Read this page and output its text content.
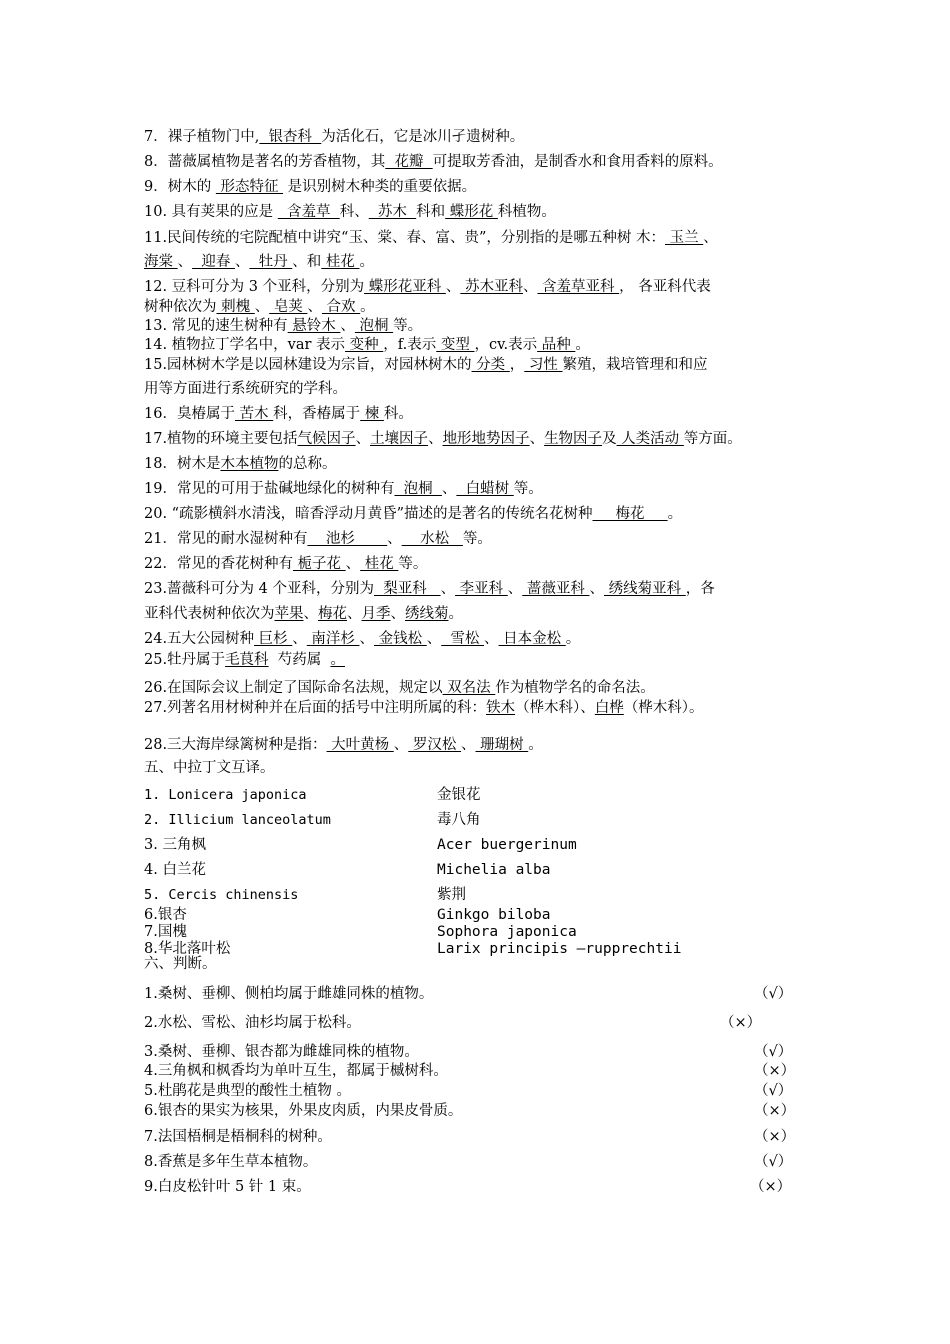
7．裸子植物门中,  银杏科  为活化石，它是冰川孑遗树种。
8．蔷薇属植物是著名的芳香植物，其  花瓣  可提取芳香油，是制香水和食用香料的原料。
9．树木的  形态特征  是识别树木种类的重要依据。
10. 具有荚果的应是   含羞草  科、  苏木  科和 蝶形花 科植物。
11.民间传统的宅院配植中讲究“玉、棠、春、富、贵”，分别指的是哪五种树 木： 玉兰 、
海棠 、  迎春 、  牡丹 、和 桂花 。
12. 豆科可分为 3 个亚科，分别为 蝶形花亚科 、 苏木亚科、 含羞草亚科 ， 各亚科代表
树种依次为 刺槐 、 皂荚 、 合欢 。
13. 常见的速生树种有 悬铃木 、 泡桐 等。
14. 植物拉丁学名中，var 表示 变种 ，f.表示 变型 ，cv.表示 品种 。
15.园林树木学是以园林建设为宗旨，对园林树木的 分类 ， 习性 繁殖，栽培管理和和应
用等方面进行系统研究的学科。
16．臭椿属于 苦木 科，香椿属于 楝 科。
17.植物的环境主要包括气候因子、土壤因子、地形地势因子、生物因子及 人类活动 等方面。
18．树木是木本植物的总称。
19．常见的可用于盐碱地绿化的树种有  泡桐  、  白蜡树 等。
20. “疏影横斜水清浅，暗香浮动月黄昏”描述的是著名的传统名花树种     梅花     。
21．常见的耐水湿树种有    池杉       、    水松   等。
22．常见的香花树种有 栀子花 、 桂花 等。
23.蔷薇科可分为 4 个亚科，分别为  梨亚科   、 李亚科 、 蔷薇亚科 、 绣线菊亚科 ，各
亚科代表树种依次为苹果、梅花、月季、绣线菊。
24.五大公园树种 巨杉 、 南洋杉 、 金钱松 、  雪松 、 日本金松 。
25.牡丹属于毛茛科  芍药属  。
26.在国际会议上制定了国际命名法规，规定以 双名法 作为植物学名的命名法。
27.列著名用材树种并在后面的括号中注明所属的科：铁木（桦木科）、白桦（桦木科）。
28.三大海岸绿篱树种是指： 大叶黄杨 、 罗汉松 、 珊瑚树 。
五、中拉丁文互译。
1. Lonicera japonica	金银花
2. Illicium lanceolatum	毒八角
3. 三角枫	Acer buergerinum
4. 白兰花	Michelia alba
5. Cercis chinensis	紫荆
6.银杏	Ginkgo biloba
7.国槐	Sophora japonica
8.华北落叶松	Larix principis –rupprechtii
六、判断。
1.桑树、垂柳、侧柏均属于雌雄同株的植物。	（√）
2.水松、雪松、油杉均属于松科。	（×）
3.桑树、垂柳、银杏都为雌雄同株的植物。	（√）
4.三角枫和枫香均为单叶互生，都属于槭树科。	（×）
5.杜鹃花是典型的酸性土植物 。	（√）
6.银杏的果实为核果，外果皮肉质，内果皮骨质。	（×）
7.法国梧桐是梧桐科的树种。	（×）
8.香蕉是多年生草本植物。	（√）
9.白皮松针叶 5 针 1 束。	（×）
